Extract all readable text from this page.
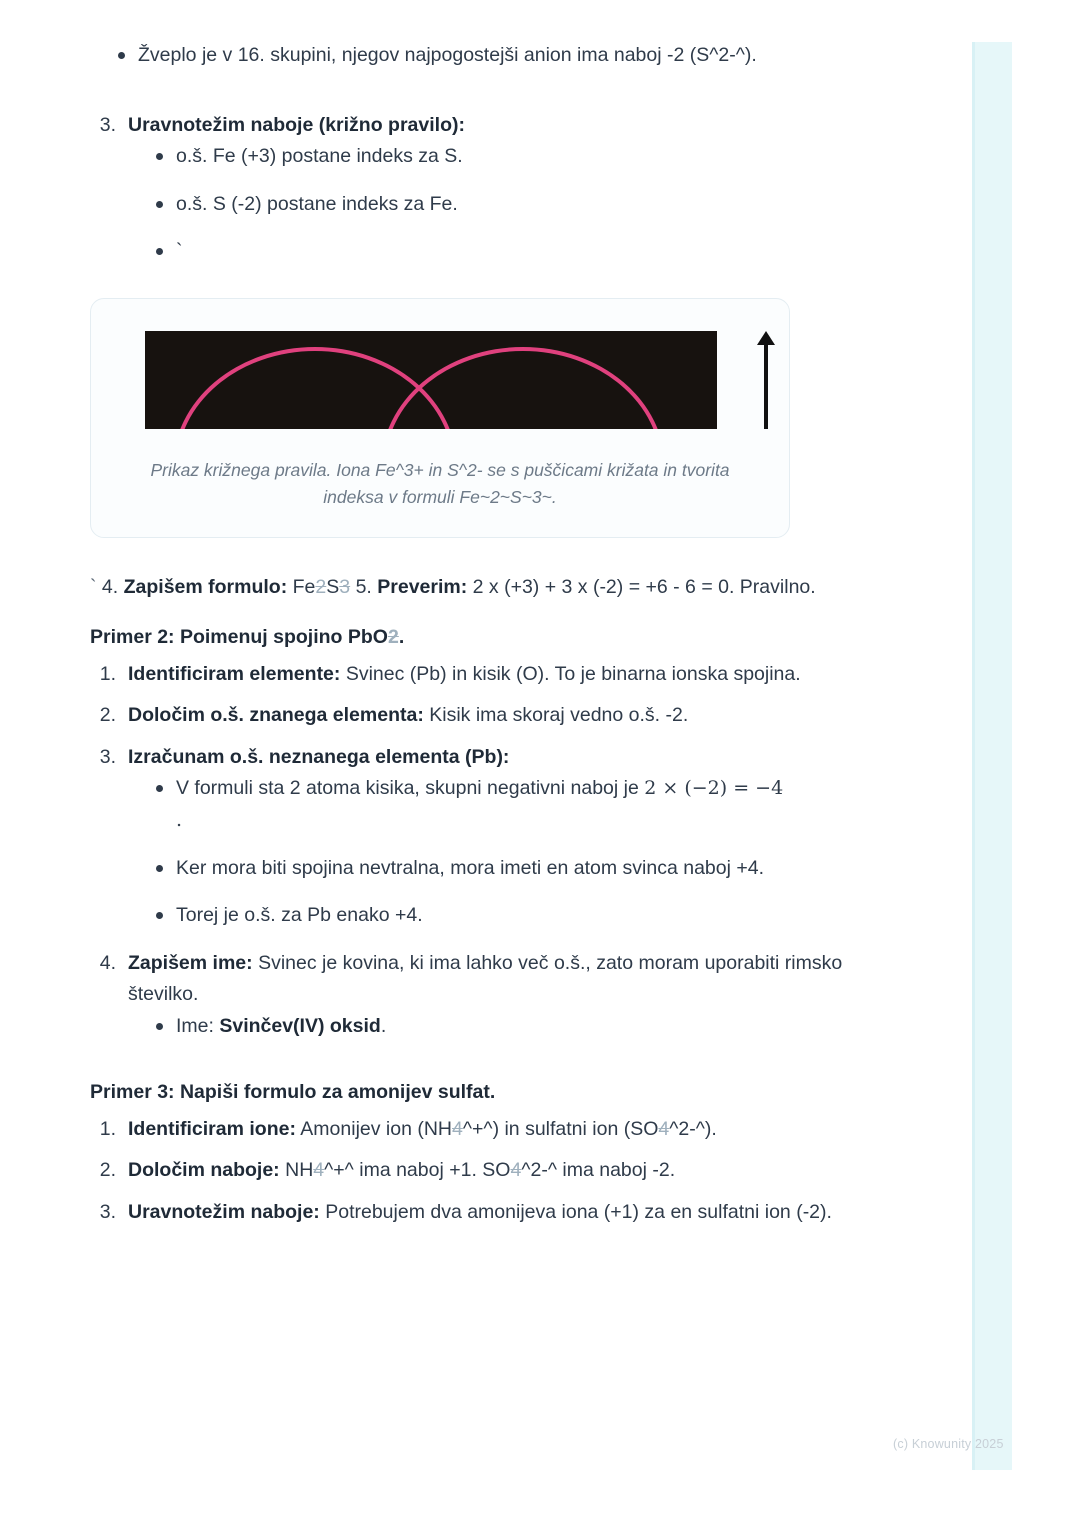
Žveplo je v 16. skupini, njegov najpogostejši anion ima naboj -2 (S^2-^).
3. Uravnotežim naboje (križno pravilo):
o.š. Fe (+3) postane indeks za S.
o.š. S (-2) postane indeks za Fe.
`
Prikaz križnega pravila. Iona Fe^3+ in S^2- se s puščicami križata in tvorita indeksa v formuli Fe~2~S~3~.

` 4. Zapišem formulo: Fe2S3 5. Preverim: 2 x (+3) + 3 x (-2) = +6 - 6 = 0. Pravilno.

Primer 2: Poimenuj spojino PbO2.

1. Identificiram elemente: Svinec (Pb) in kisik (O). To je binarna ionska spojina.
2. Določim o.š. znanega elementa: Kisik ima skoraj vedno o.š. -2.
3. Izračunam o.š. neznanega elementa (Pb):
V formuli sta 2 atoma kisika, skupni negativni naboj je 2 × (−2) = −4
.
Ker mora biti spojina nevtralna, mora imeti en atom svinca naboj +4.
Torej je o.š. za Pb enako +4.
4. Zapišem ime: Svinec je kovina, ki ima lahko več o.š., zato moram uporabiti rimsko številko.
Ime: Svinčev(IV) oksid.

Primer 3: Napiši formulo za amonijev sulfat.

1. Identificiram ione: Amonijev ion (NH4^+^) in sulfatni ion (SO4^2-^).
2. Določim naboje: NH4^+^ ima naboj +1. SO4^2-^ ima naboj -2.
3. Uravnotežim naboje: Potrebujem dva amonijeva iona (+1) za en sulfatni ion (-2).
(c) Knowunity 2025
